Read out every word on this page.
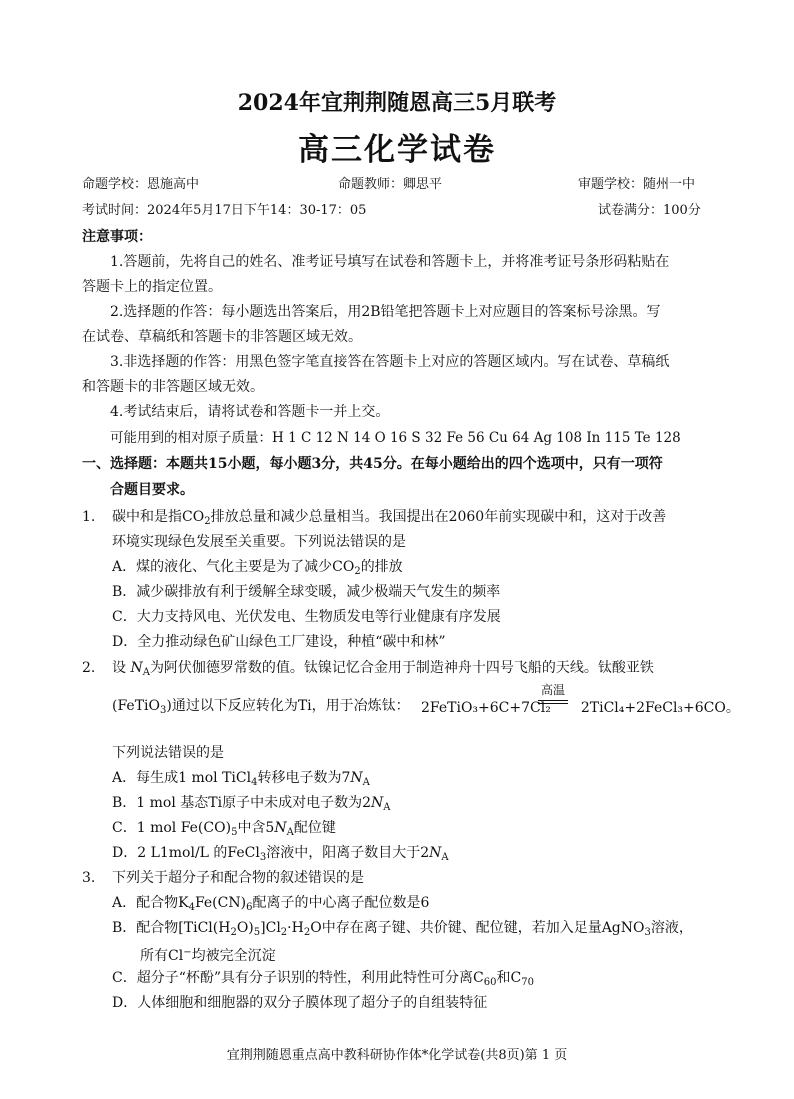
2024年宜荆荆随恩高三5月联考
高三化学试卷
命题学校：恩施高中	命题教师：卿思平	审题学校：随州一中
考试时间：2024年5月17日下午14：30-17：05	试卷满分：100分
注意事项：
1.答题前，先将自己的姓名、准考证号填写在试卷和答题卡上，并将准考证号条形码粘贴在
答题卡上的指定位置。
2.选择题的作答：每小题选出答案后，用2B铅笔把答题卡上对应题目的答案标号涂黑。写
在试卷、草稿纸和答题卡的非答题区域无效。
3.非选择题的作答：用黑色签字笔直接答在答题卡上对应的答题区域内。写在试卷、草稿纸
和答题卡的非答题区域无效。
4.考试结束后，请将试卷和答题卡一并上交。
可能用到的相对原子质量：H 1 C 12 N 14 O 16 S 32 Fe 56 Cu 64 Ag 108 In 115 Te 128
一、选择题：本题共15小题，每小题3分，共45分。在每小题给出的四个选项中，只有一项符
合题目要求。
1. 碳中和是指$CO_2$排放总量和减少总量相当。我国提出在2060年前实现碳中和，这对于改善
环境实现绿色发展至关重要。下列说法错误的是
A．煤的液化、气化主要是为了减少$CO_2$的排放
B．减少碳排放有利于缓解全球变暖，减少极端天气发生的频率
C．大力支持风电、光伏发电、生物质发电等行业健康有序发展
D．全力推动绿色矿山绿色工厂建设，种植“碳中和林”
2. 设 $N_A$为阿伏伽德罗常数的值。钛镍记忆合金用于制造神舟十四号飞船的天线。钛酸亚铁
(FeTiO$_3$)通过以下反应转化为Ti，用于冶炼钛： 2FeTiO₃+6C+7Cl₂ 2TiCl₄+2FeCl₃+6CO。
高温
下列说法错误的是
A．每生成1 mol TiCl$_4$转移电子数为$7N_A$
B．1 mol 基态Ti原子中未成对电子数为$2N_A$
C．1 mol $Fe(CO)_5$中含$5N_A$配位键
D．2 L1mol/L 的FeCl$_3$溶液中，阳离子数目大于$2N_A$
3. 下列关于超分子和配合物的叙述错误的是
A．配合物$K_4Fe(CN)_6$配离子的中心离子配位数是6
B．配合物$[TiCl(H_2O)_5]Cl_2\cdot H_2O$中存在离子键、共价键、配位键，若加入足量AgNO$_3$溶液，
所有Cl−均被完全沉淀
C．超分子“杯酚”具有分子识别的特性，利用此特性可分离$C_{60}$和$C_{70}$
D．人体细胞和细胞器的双分子膜体现了超分子的自组装特征
宜荆荆随恩重点高中教科研协作体*化学试卷(共8页)第 1 页
